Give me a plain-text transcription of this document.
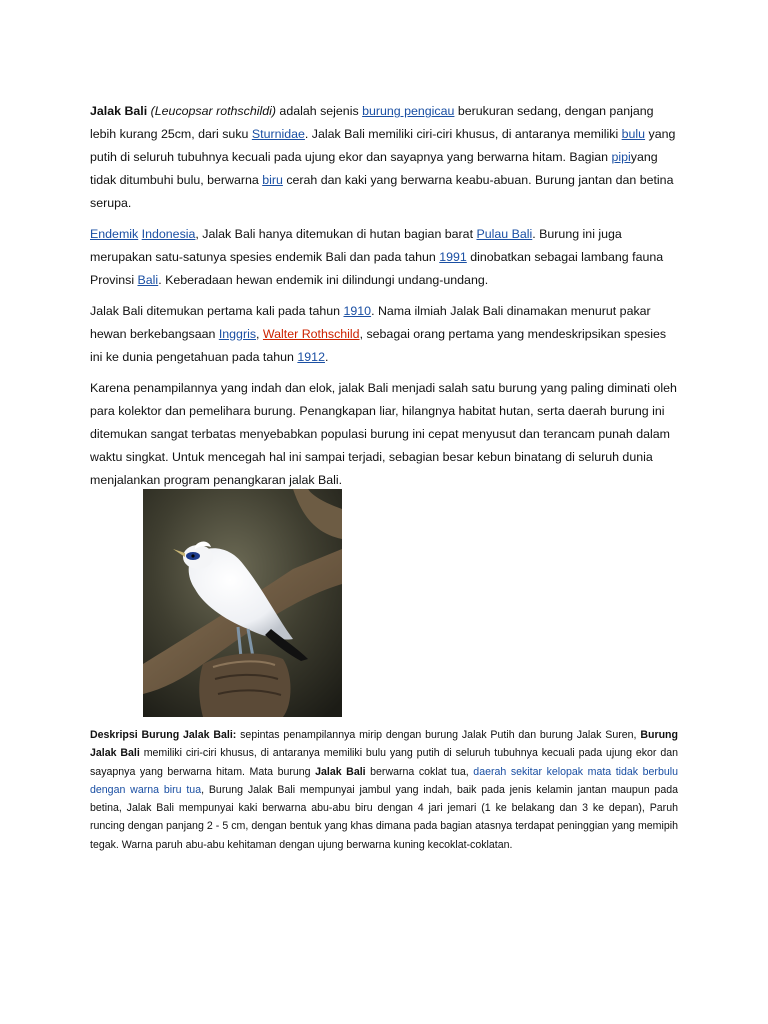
Jalak Bali (Leucopsar rothschildi) adalah sejenis burung pengicau berukuran sedang, dengan panjang lebih kurang 25cm, dari suku Sturnidae. Jalak Bali memiliki ciri-ciri khusus, di antaranya memiliki bulu yang putih di seluruh tubuhnya kecuali pada ujung ekor dan sayapnya yang berwarna hitam. Bagian pipiyang tidak ditumbuhi bulu, berwarna biru cerah dan kaki yang berwarna keabu-abuan. Burung jantan dan betina serupa.

Endemik Indonesia, Jalak Bali hanya ditemukan di hutan bagian barat Pulau Bali. Burung ini juga merupakan satu-satunya spesies endemik Bali dan pada tahun 1991 dinobatkan sebagai lambang fauna Provinsi Bali. Keberadaan hewan endemik ini dilindungi undang-undang.

Jalak Bali ditemukan pertama kali pada tahun 1910. Nama ilmiah Jalak Bali dinamakan menurut pakar hewan berkebangsaan Inggris, Walter Rothschild, sebagai orang pertama yang mendeskripsikan spesies ini ke dunia pengetahuan pada tahun 1912.

Karena penampilannya yang indah dan elok, jalak Bali menjadi salah satu burung yang paling diminati oleh para kolektor dan pemelihara burung. Penangkapan liar, hilangnya habitat hutan, serta daerah burung ini ditemukan sangat terbatas menyebabkan populasi burung ini cepat menyusut dan terancam punah dalam waktu singkat. Untuk mencegah hal ini sampai terjadi, sebagian besar kebun binatang di seluruh dunia menjalankan program penangkaran jalak Bali.

Deskripsi Burung Jalak Bali: sepintas penampilannya mirip dengan burung Jalak Putih dan burung Jalak Suren, Burung Jalak Bali memiliki ciri-ciri khusus, di antaranya memiliki bulu yang putih di seluruh tubuhnya kecuali pada ujung ekor dan sayapnya yang berwarna hitam. Mata burung Jalak Bali berwarna coklat tua, daerah sekitar kelopak mata tidak berbulu dengan warna biru tua, Burung Jalak Bali mempunyai jambul yang indah, baik pada jenis kelamin jantan maupun pada betina, Jalak Bali mempunyai kaki berwarna abu-abu biru dengan 4 jari jemari (1 ke belakang dan 3 ke depan), Paruh runcing dengan panjang 2 - 5 cm, dengan bentuk yang khas dimana pada bagian atasnya terdapat peninggian yang memipih tegak. Warna paruh abu-abu kehitaman dengan ujung berwarna kuning kecoklat-coklatan.
